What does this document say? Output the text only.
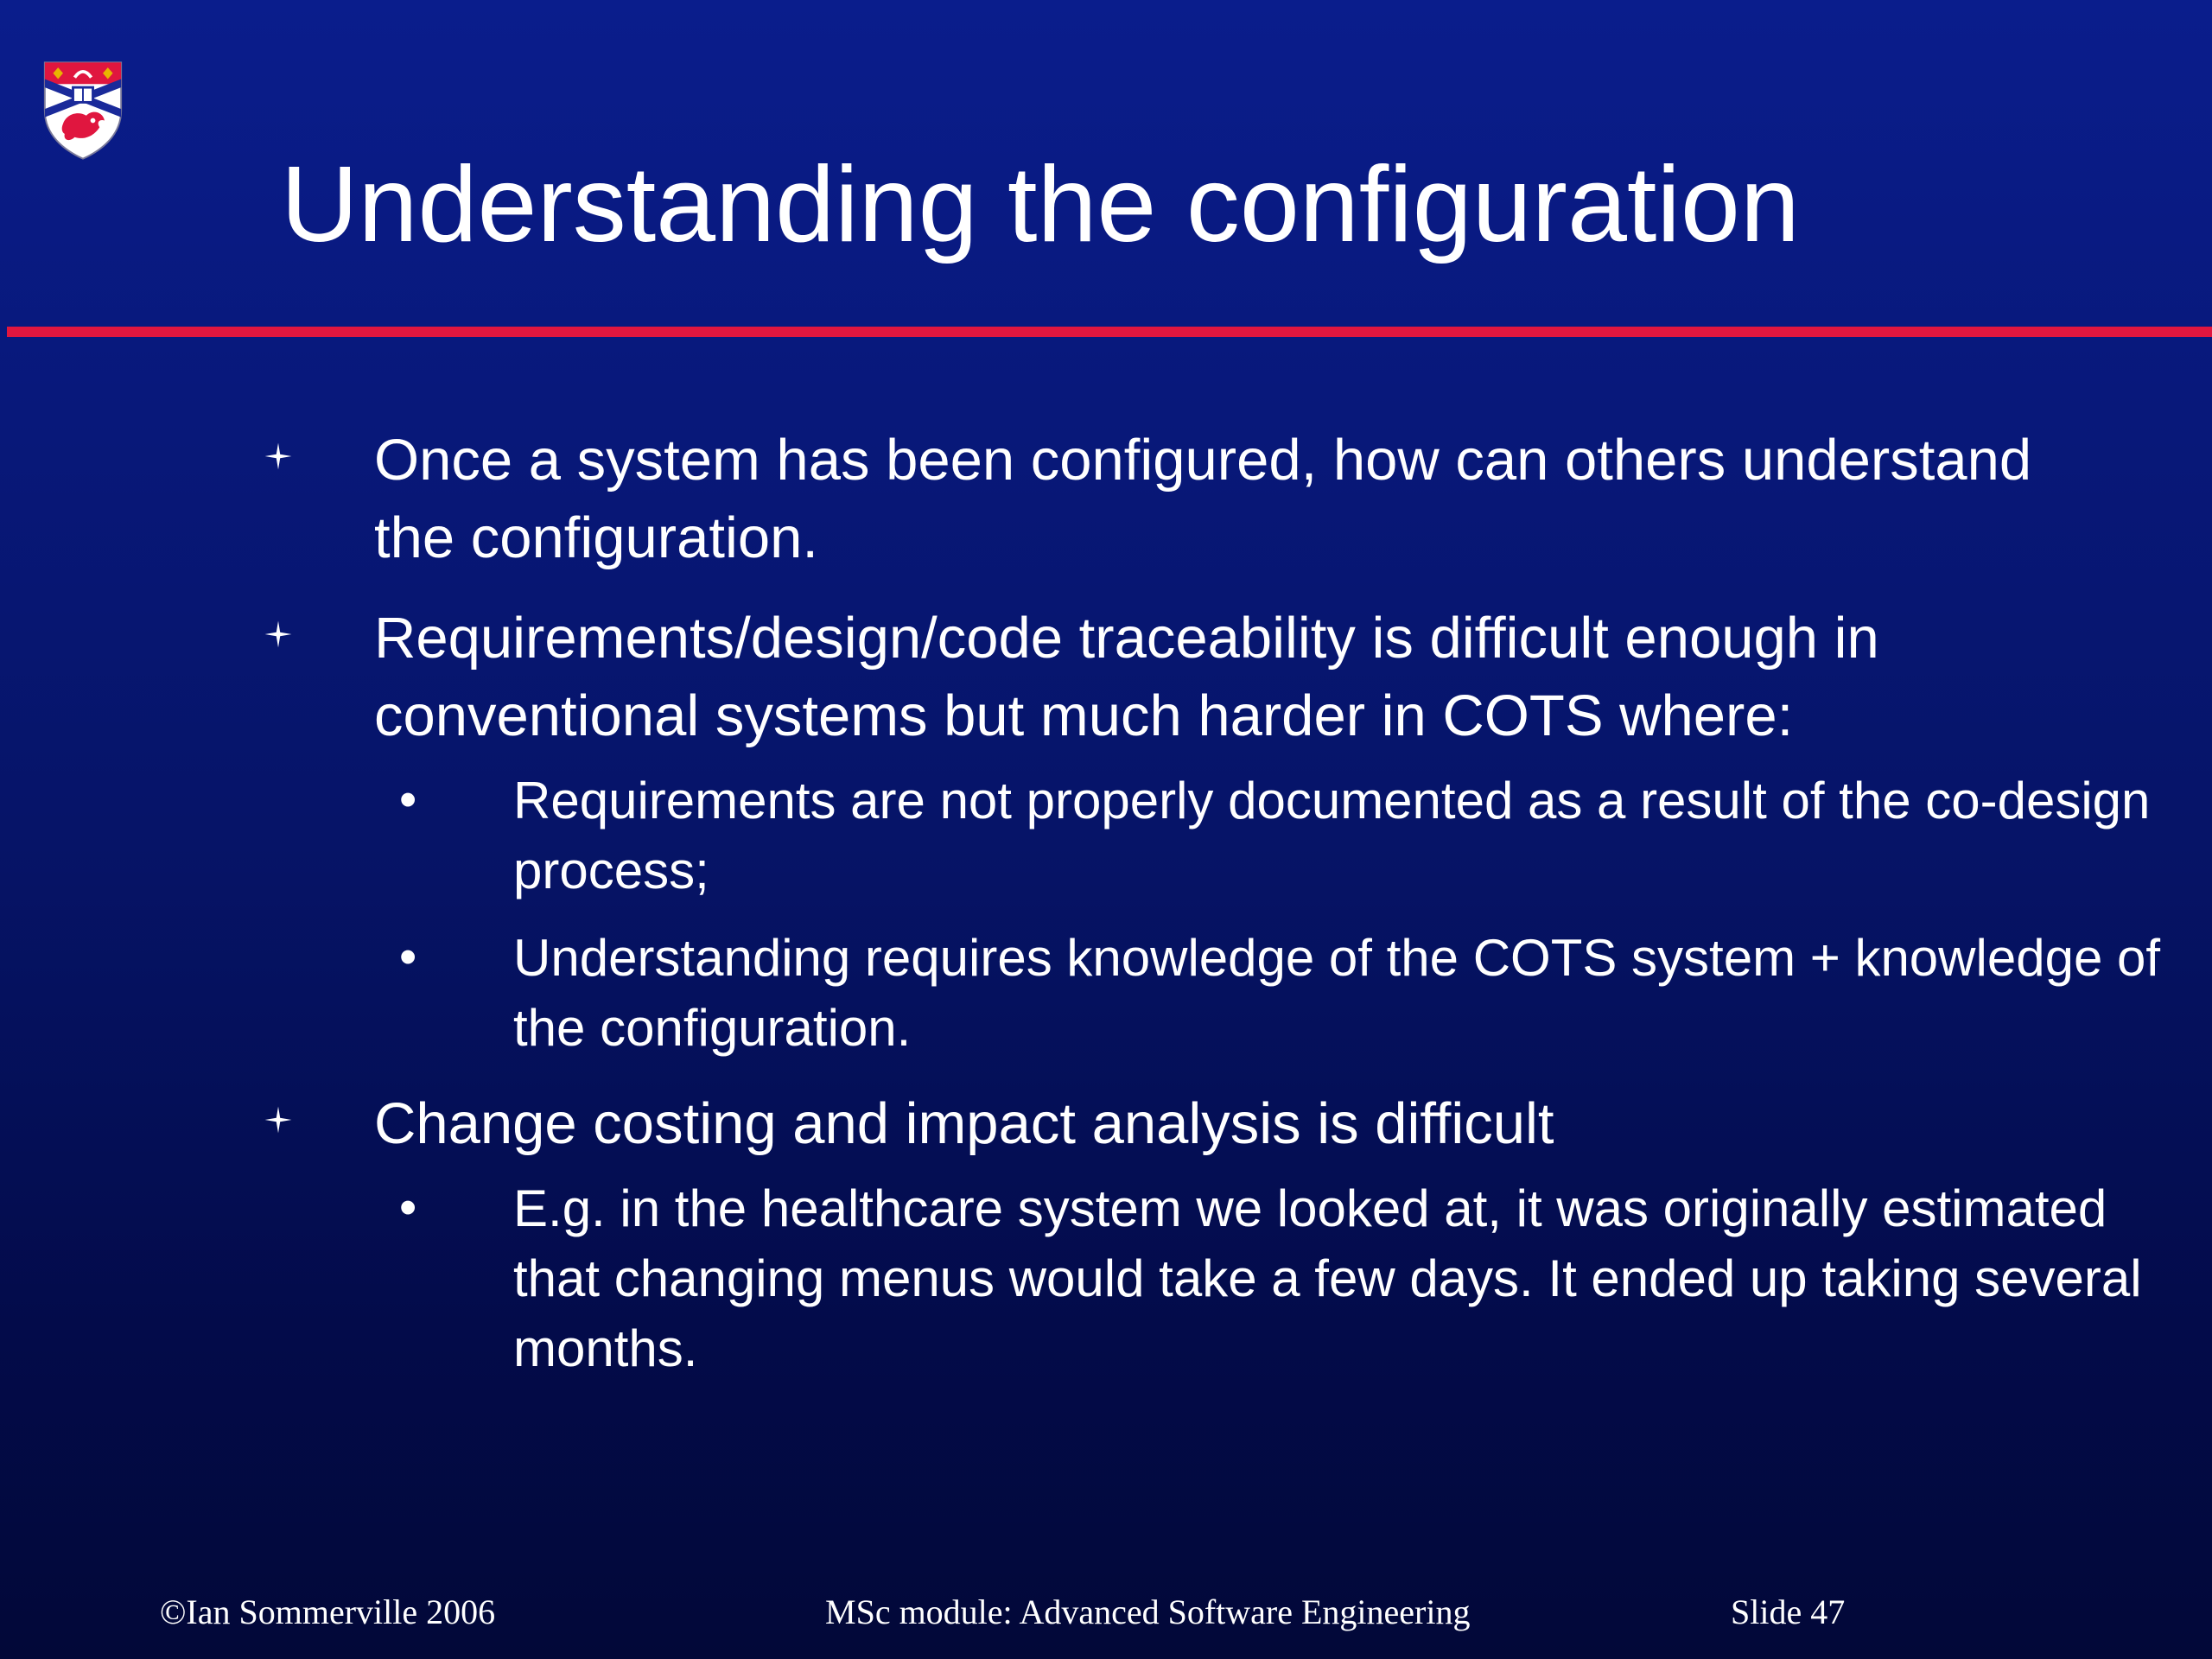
Understanding the configuration
Once a system has been configured, how can others understand the configuration.
Requirements/design/code traceability is difficult enough in conventional systems but much harder in COTS where:
• Requirements are not properly documented as a result of the co-design process;
• Understanding requires knowledge of the COTS system + knowledge of the configuration.
Change costing and impact analysis is difficult
• E.g. in the healthcare system we looked at, it was originally estimated that changing menus would take a few days. It ended up taking several months.
©Ian Sommerville 2006	MSc module: Advanced Software Engineering	Slide 47
